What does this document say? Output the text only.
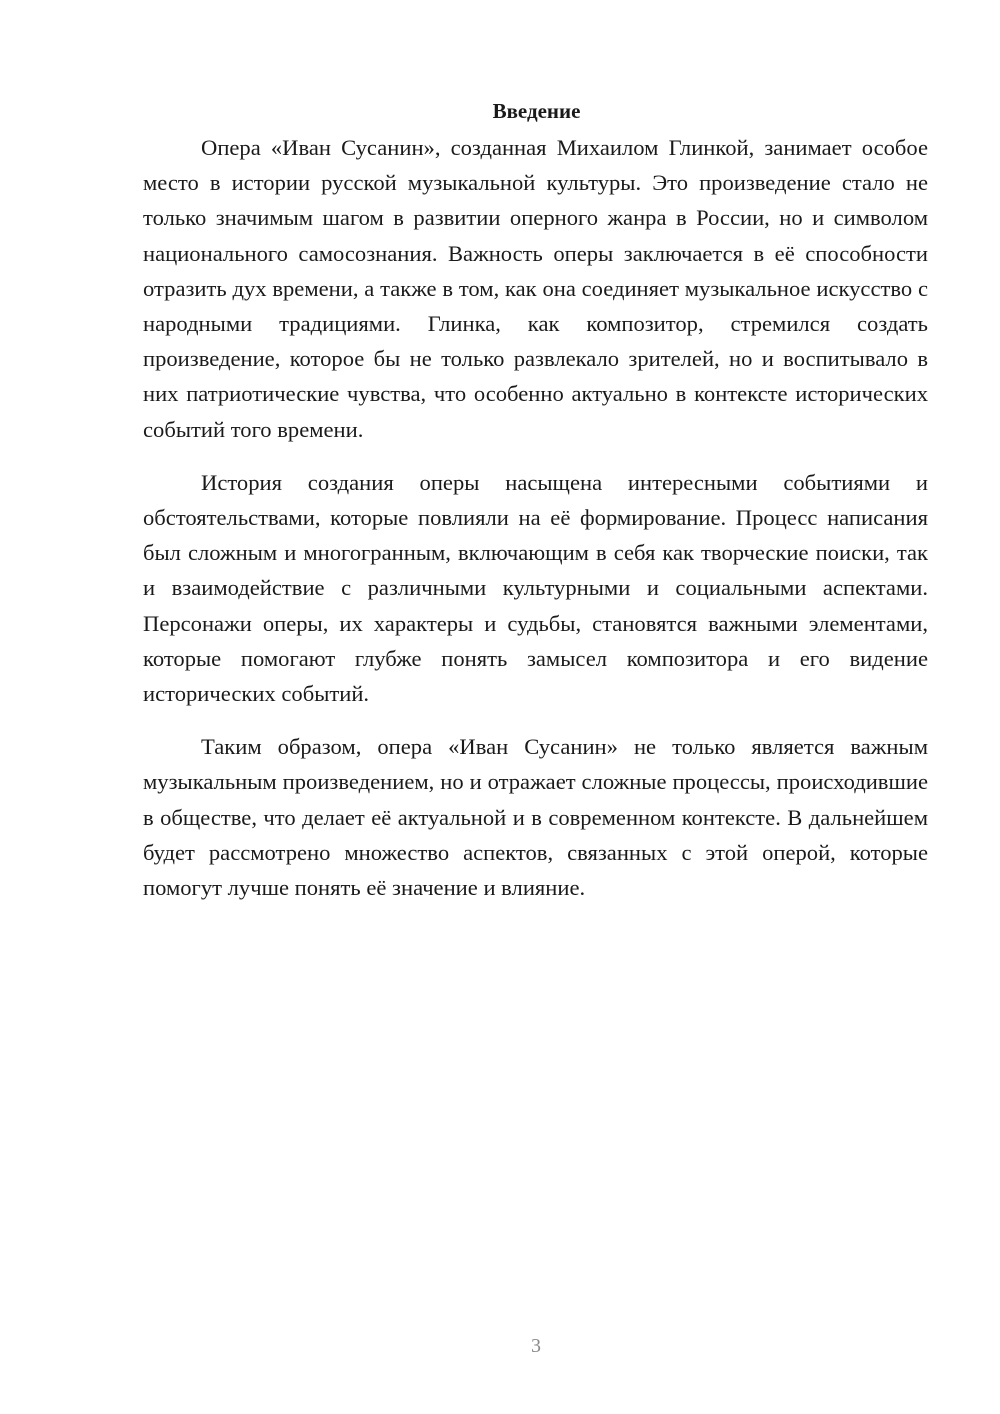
Введение

Опера «Иван Сусанин», созданная Михаилом Глинкой, занимает особое место в истории русской музыкальной культуры. Это произведение стало не только значимым шагом в развитии оперного жанра в России, но и символом национального самосознания. Важность оперы заключается в её способности отразить дух времени, а также в том, как она соединяет музыкальное искусство с народными традициями. Глинка, как композитор, стремился создать произведение, которое бы не только развлекало зрителей, но и воспитывало в них патриотические чувства, что особенно актуально в контексте исторических событий того времени.

История создания оперы насыщена интересными событиями и обстоятельствами, которые повлияли на её формирование. Процесс написания был сложным и многогранным, включающим в себя как творческие поиски, так и взаимодействие с различными культурными и социальными аспектами. Персонажи оперы, их характеры и судьбы, становятся важными элементами, которые помогают глубже понять замысел композитора и его видение исторических событий.

Таким образом, опера «Иван Сусанин» не только является важным музыкальным произведением, но и отражает сложные процессы, происходившие в обществе, что делает её актуальной и в современном контексте. В дальнейшем будет рассмотрено множество аспектов, связанных с этой оперой, которые помогут лучше понять её значение и влияние.

3
